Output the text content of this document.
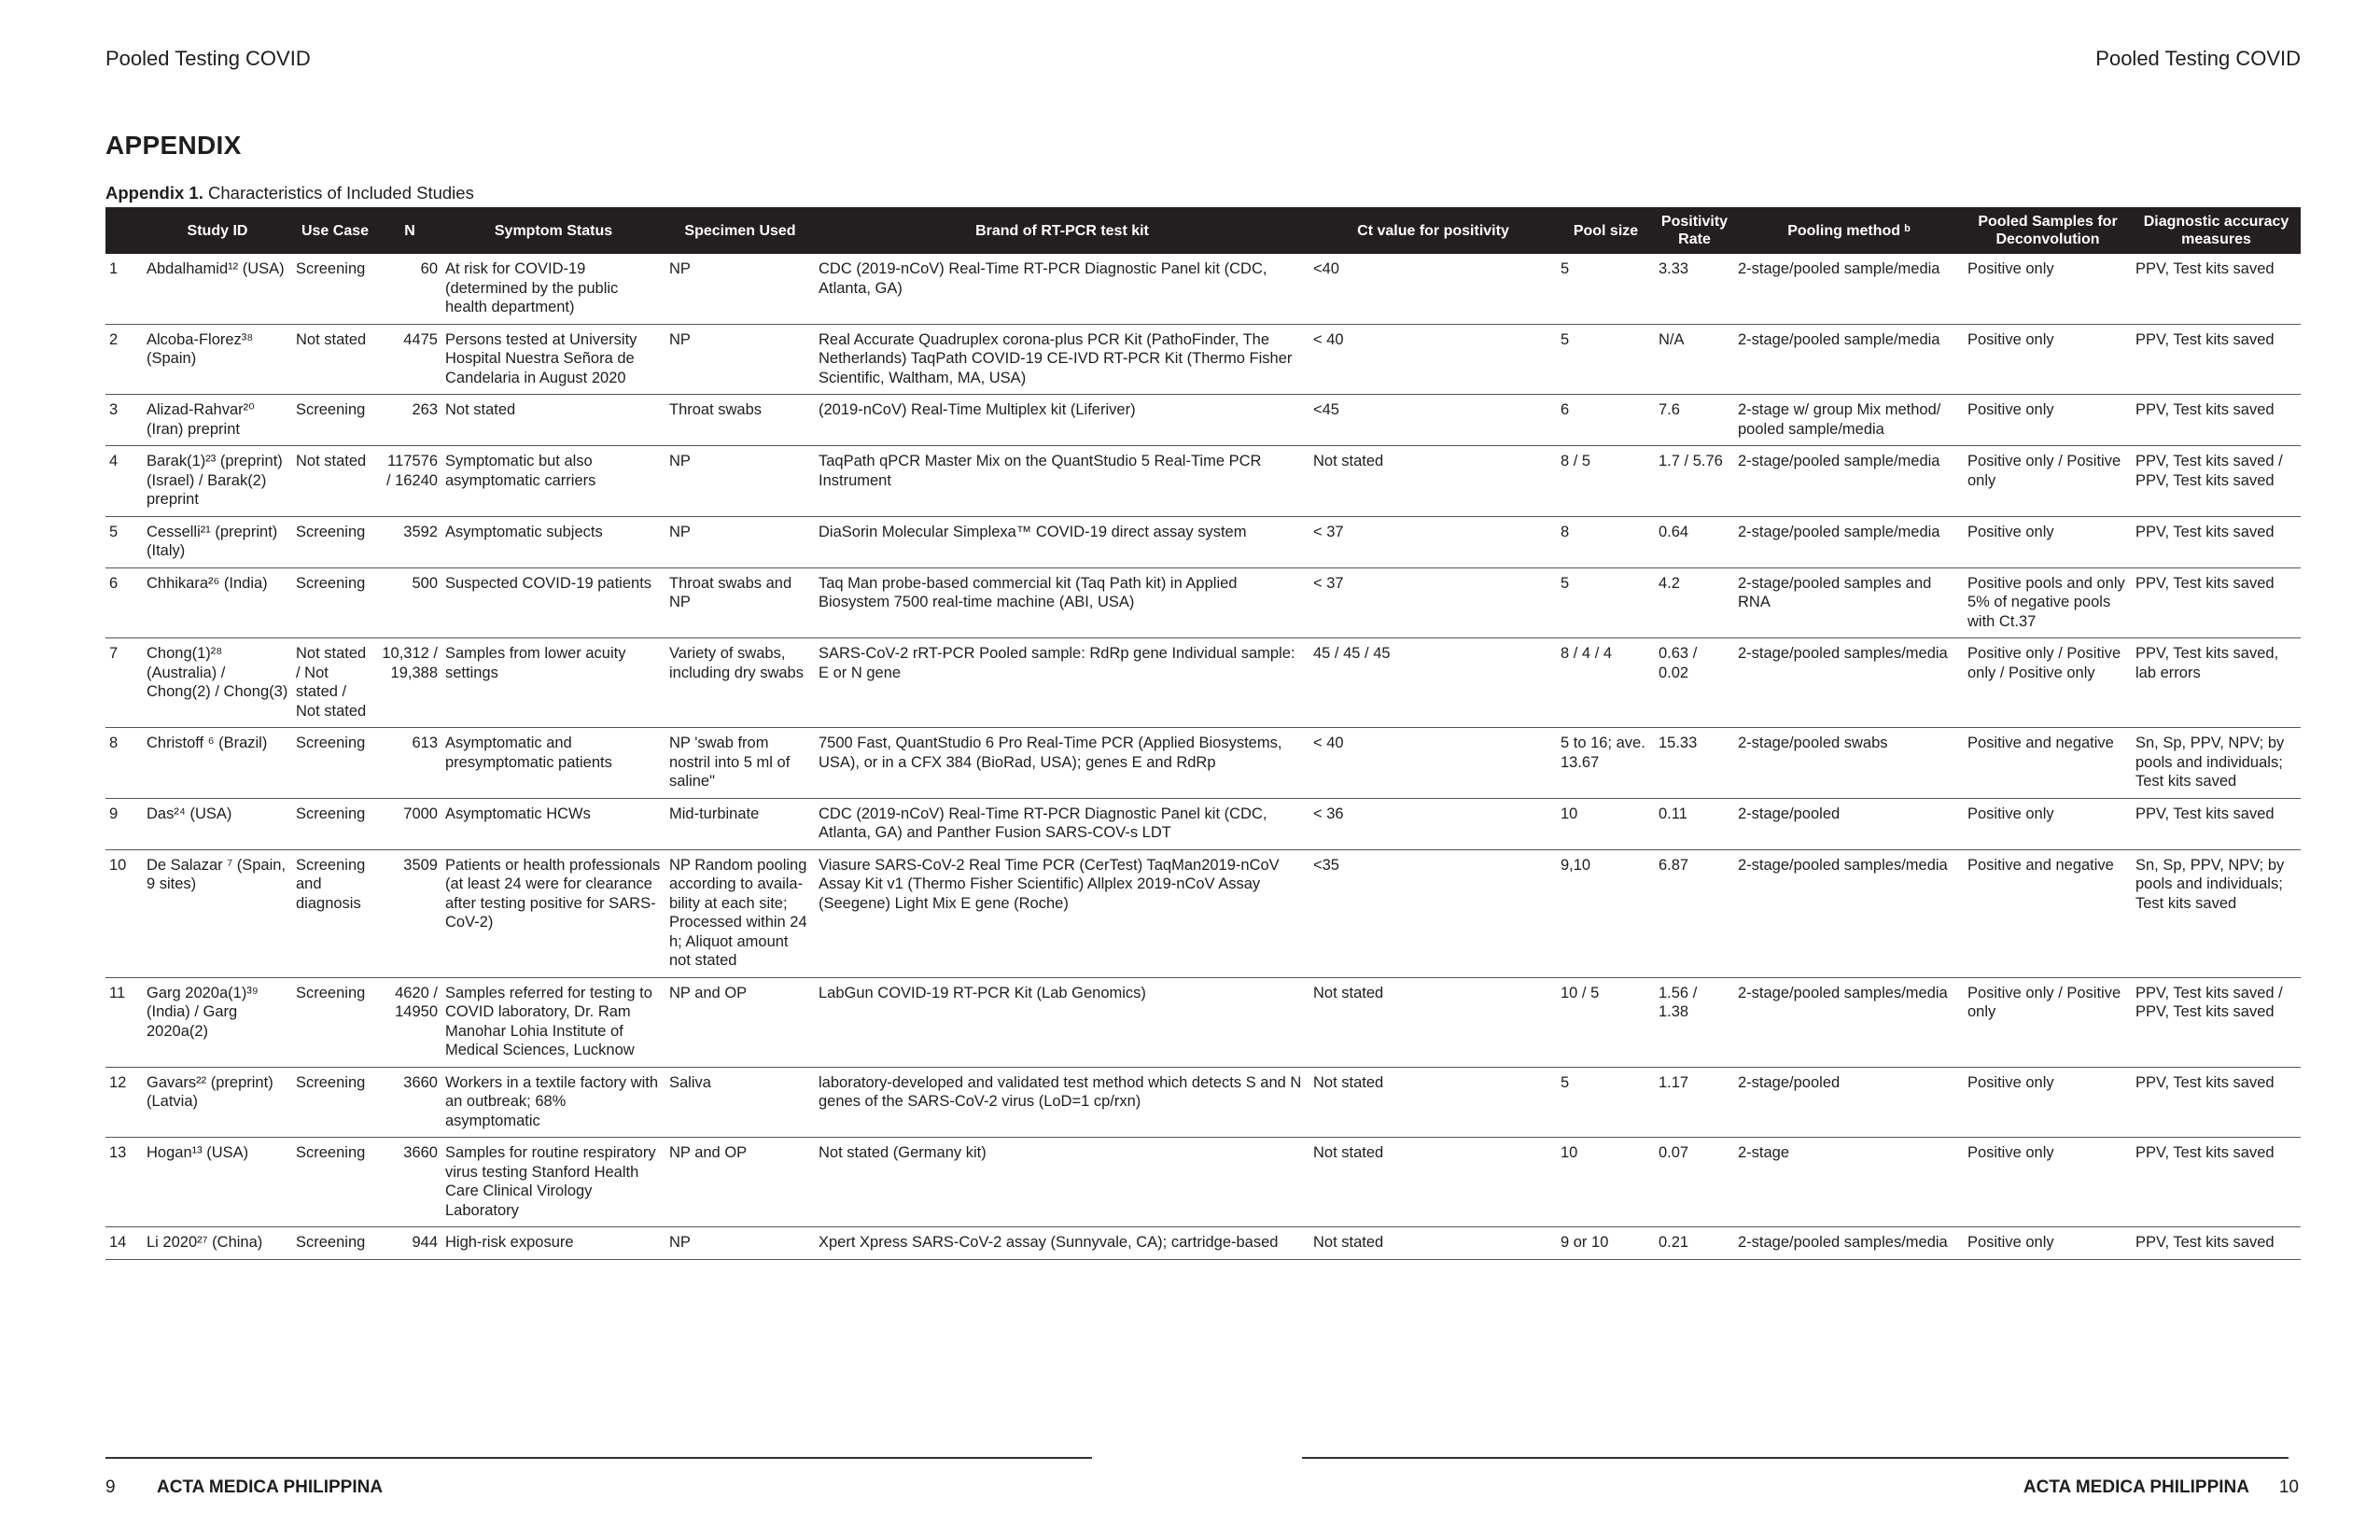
Pooled Testing COVID	Pooled Testing COVID
APPENDIX
Appendix 1. Characteristics of Included Studies
	Study ID	Use Case	N	Symptom Status	Specimen Used	Brand of RT-PCR test kit	Ct value for positivity	Pool size	Positivity Rate	Pooling method ᵇ	Pooled Samples for Deconvolution	Diagnostic accuracy measures
1	Abdalhamid¹² (USA)	Screening	60	At risk for COVID-19 (determined by the public health department)	NP	CDC (2019-nCoV) Real-Time RT-PCR Diagnostic Panel kit (CDC, Atlanta, GA)	<40	5	3.33	2-stage/pooled sample/media	Positive only	PPV, Test kits saved
2	Alcoba-Florez³⁸ (Spain)	Not stated	4475	Persons tested at University Hospital Nuestra Señora de Candelaria in August 2020	NP	Real Accurate Quadruplex corona-plus PCR Kit (PathoFinder, The Netherlands) TaqPath COVID-19 CE-IVD RT-PCR Kit (Thermo Fisher Scientific, Waltham, MA, USA)	< 40	5	N/A	2-stage/pooled sample/media	Positive only	PPV, Test kits saved
3	Alizad-Rahvar²⁰ (Iran) preprint	Screening	263	Not stated	Throat swabs	(2019-nCoV) Real-Time Multiplex kit (Liferiver)	<45	6	7.6	2-stage w/ group Mix method/ pooled sample/media	Positive only	PPV, Test kits saved
4	Barak(1)²³ (preprint) (Israel) / Barak(2) preprint	Not stated	117576 / 16240	Symptomatic but also asymptomatic carriers	NP	TaqPath qPCR Master Mix on the QuantStudio 5 Real-Time PCR Instrument	Not stated	8 / 5	1.7 / 5.76	2-stage/pooled sample/media	Positive only / Positive only	PPV, Test kits saved / PPV, Test kits saved
5	Cesselli²¹ (preprint) (Italy)	Screening	3592	Asymptomatic subjects	NP	DiaSorin Molecular Simplexa™ COVID-19 direct assay system	< 37	8	0.64	2-stage/pooled sample/media	Positive only	PPV, Test kits saved
6	Chhikara²⁶ (India)	Screening	500	Suspected COVID-19 patients	Throat swabs and NP	Taq Man probe-based commercial kit (Taq Path kit) in Applied Biosystem 7500 real-time machine (ABI, USA)	< 37	5	4.2	2-stage/pooled samples and RNA	Positive pools and only 5% of negative pools with Ct.37	PPV, Test kits saved
7	Chong(1)²⁸ (Australia) / Chong(2) / Chong(3)	Not stated / Not stated / Not stated	10,312 / 19,388	Samples from lower acuity settings	Variety of swabs, including dry swabs	SARS-CoV-2 rRT-PCR Pooled sample: RdRp gene Individual sample: E or N gene	45 / 45 / 45	8 / 4 / 4	0.63 / 0.02	2-stage/pooled samples/media	Positive only / Positive only / Positive only	PPV, Test kits saved, lab errors
8	Christoff ⁶ (Brazil)	Screening	613	Asymptomatic and presymptomatic patients	NP 'swab from nostril into 5 ml of saline"	7500 Fast, QuantStudio 6 Pro Real-Time PCR (Applied Biosystems, USA), or in a CFX 384 (BioRad, USA); genes E and RdRp	< 40	5 to 16; ave. 13.67	15.33	2-stage/pooled swabs	Positive and negative	Sn, Sp, PPV, NPV; by pools and individuals; Test kits saved
9	Das²⁴ (USA)	Screening	7000	Asymptomatic HCWs	Mid-turbinate	CDC (2019-nCoV) Real-Time RT-PCR Diagnostic Panel kit (CDC, Atlanta, GA) and Panther Fusion SARS-COV-s LDT	< 36	10	0.11	2-stage/pooled	Positive only	PPV, Test kits saved
10	De Salazar ⁷ (Spain, 9 sites)	Screening and diagnosis	3509	Patients or health professionals (at least 24 were for clearance after testing positive for SARS-CoV-2)	NP Random pooling according to availa-bility at each site; Processed within 24 h; Aliquot amount not stated	Viasure SARS-CoV-2 Real Time PCR (CerTest) TaqMan2019-nCoV Assay Kit v1 (Thermo Fisher Scientific) Allplex 2019-nCoV Assay (Seegene) Light Mix E gene (Roche)	<35	9,10	6.87	2-stage/pooled samples/media	Positive and negative	Sn, Sp, PPV, NPV; by pools and individuals; Test kits saved
11	Garg 2020a(1)³⁹ (India) / Garg 2020a(2)	Screening	4620 / 14950	Samples referred for testing to COVID laboratory, Dr. Ram Manohar Lohia Institute of Medical Sciences, Lucknow	NP and OP	LabGun COVID-19 RT-PCR Kit (Lab Genomics)	Not stated	10 / 5	1.56 / 1.38	2-stage/pooled samples/media	Positive only / Positive only	PPV, Test kits saved / PPV, Test kits saved
12	Gavars²² (preprint) (Latvia)	Screening	3660	Workers in a textile factory with an outbreak; 68% asymptomatic	Saliva	laboratory-developed and validated test method which detects S and N genes of the SARS-CoV-2 virus (LoD=1 cp/rxn)	Not stated	5	1.17	2-stage/pooled	Positive only	PPV, Test kits saved
13	Hogan¹³ (USA)	Screening	3660	Samples for routine respiratory virus testing Stanford Health Care Clinical Virology Laboratory	NP and OP	Not stated (Germany kit)	Not stated	10	0.07	2-stage	Positive only	PPV, Test kits saved
14	Li 2020²⁷ (China)	Screening	944	High-risk exposure	NP	Xpert Xpress SARS-CoV-2 assay (Sunnyvale, CA); cartridge-based	Not stated	9 or 10	0.21	2-stage/pooled samples/media	Positive only	PPV, Test kits saved
9 ACTA MEDICA PHILIPPINA	ACTA MEDICA PHILIPPINA 10
